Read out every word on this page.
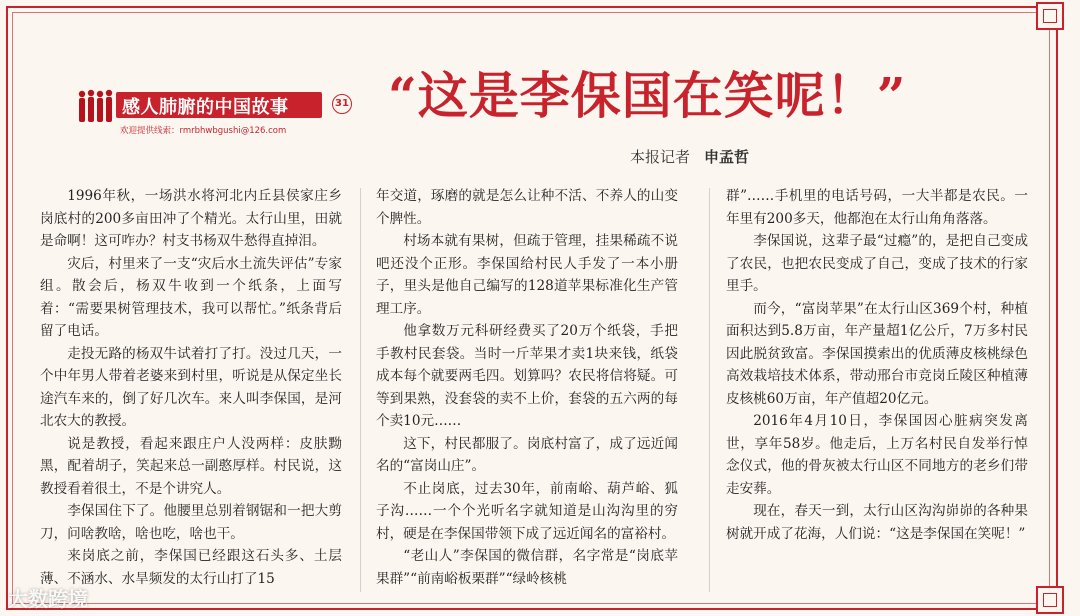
感人肺腑的中国故事	31
欢迎提供线索：rmrbhwbgushi@126.com
“这是李保国在笑呢！”
本报记者 申孟哲

1996年秋，一场洪水将河北内丘县侯家庄乡岗底村的200多亩田冲了个精光。太行山里，田就是命啊！这可咋办？村支书杨双牛愁得直掉泪。

灾后，村里来了一支“灾后水土流失评估”专家组。散会后，杨双牛收到一个纸条，上面写着：“需要果树管理技术，我可以帮忙。”纸条背后留了电话。

走投无路的杨双牛试着打了打。没过几天，一个中年男人带着老婆来到村里，听说是从保定坐长途汽车来的，倒了好几次车。来人叫李保国，是河北农大的教授。

说是教授，看起来跟庄户人没两样：皮肤黝黑，配着胡子，笑起来总一副憨厚样。村民说，这教授看着很土，不是个讲究人。

李保国住下了。他腰里总别着钢锯和一把大剪刀，问啥教啥，啥也吃，啥也干。

来岗底之前，李保国已经跟这石头多、土层薄、不涵水、水旱频发的太行山打了15

年交道，琢磨的就是怎么让种不活、不养人的山变个脾性。

村场本就有果树，但疏于管理，挂果稀疏不说吧还没个正形。李保国给村民人手发了一本小册子，里头是他自己编写的128道苹果标准化生产管理工序。

他拿数万元科研经费买了20万个纸袋，手把手教村民套袋。当时一斤苹果才卖1块来钱，纸袋成本每个就要两毛四。划算吗？农民将信将疑。可等到果熟，没套袋的卖不上价，套袋的五六两的每个卖10元……

这下，村民都服了。岗底村富了，成了远近闻名的“富岗山庄”。

不止岗底，过去30年，前南峪、葫芦峪、狐子沟……一个个光听名字就知道是山沟沟里的穷村，硬是在李保国带领下成了远近闻名的富裕村。

“老山人”李保国的微信群，名字常是“岗底苹果群”“前南峪板栗群”“绿岭核桃

群”……手机里的电话号码，一大半都是农民。一年里有200多天，他都泡在太行山角角落落。

李保国说，这辈子最“过瘾”的，是把自己变成了农民，也把农民变成了自己，变成了技术的行家里手。

而今，“富岗苹果”在太行山区369个村，种植面积达到5.8万亩，年产量超1亿公斤，7万多村民因此脱贫致富。李保国摸索出的优质薄皮核桃绿色高效栽培技术体系，带动邢台市竞岗丘陵区种植薄皮核桃60万亩，年产值超20亿元。

2016年4月10日，李保国因心脏病突发离世，享年58岁。他走后，上万名村民自发举行悼念仪式，他的骨灰被太行山区不同地方的老乡们带走安葬。

现在，春天一到，太行山区沟沟峁峁的各种果树就开成了花海，人们说：“这是李保国在笑呢！”

大数跨境
